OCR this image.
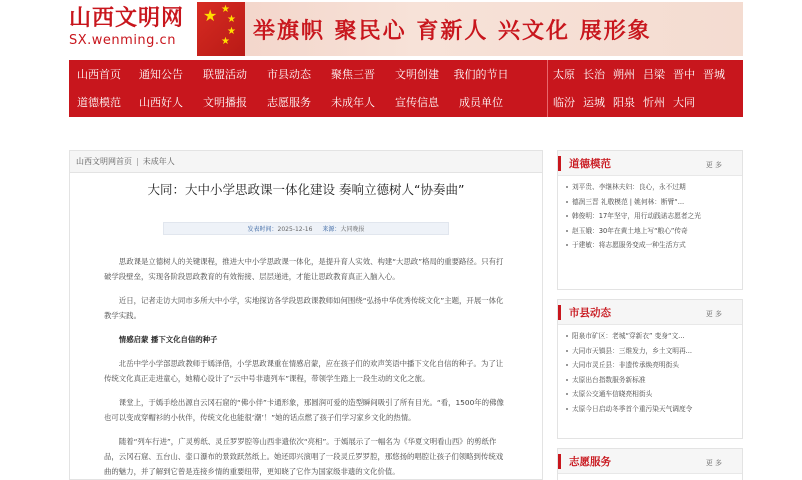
山西文明网
SX.wenming.cn
★ ★
★
★
★ 举旗帜 聚民心 育新人 兴文化 展形象
山西首页	通知公告	联盟活动	市县动态	聚焦三晋	文明创建	我们的节日
道德模范	山西好人	文明播报	志愿服务	未成年人	宣传信息	成员单位
太原 长治 朔州 吕梁 晋中 晋城
临汾 运城 阳泉 忻州 大同
山西文明网首页 | 未成年人
大同：大中小学思政课一体化建设 奏响立德树人“协奏曲”
发表时间：2025-12-16 来源：大同晚报

思政课是立德树人的关键课程，推进大中小学思政课一体化，是提升育人实效、构建“大思政”格局的重要路径。只有打破学段壁垒，实现各阶段思政教育的有效衔接、层层递进，才能让思政教育真正入脑入心。

近日，记者走访大同市多所大中小学，实地探访各学段思政课教师如何围绕“弘扬中华优秀传统文化”主题，开展一体化教学实践。

情感启蒙 播下文化自信的种子

北岳中学小学部思政教师于嫣泽借，小学思政课重在情感启蒙，应在孩子们的欢声笑语中播下文化自信的种子。为了让传统文化真正走进童心，她精心设计了“云中号非遗列车”课程，带领学生踏上一段生动的文化之旅。

课堂上，于嫣手绘出源自云冈石窟的“佛小伴”卡通形象，那圆润可爱的造型瞬间吸引了所有目光。“看，1500年的佛像也可以变成穿帽衫的小伙伴，传统文化也能很‘潮’！”她的话点燃了孩子们学习家乡文化的热情。

随着“列车行进”，广灵剪纸、灵丘罗罗腔等山西非遗依次“亮相”。于嫣展示了一幅名为《华夏文明看山西》的剪纸作品，云冈石窟、五台山、壶口瀑布的景致跃然纸上。她还即兴演唱了一段灵丘罗罗腔，那悠扬的唱腔让孩子们领略到传统戏曲的魅力，并了解到它曾是连接乡情的重要纽带，更知晓了它作为国家级非遗的文化价值。

道德模范	更 多
刘平贵、李继林夫妇：良心，永不过期
德润三晋 礼敬模范 | 姚何林：断臂“...
韩俊明：17年坚守，用行动践诺志愿者之光
赵玉娥：30年在黄土地上写“粮心”传奇
于建敏：将志愿服务变成一种生活方式
市县动态	更 多
阳泉市矿区：老城“穿新衣” 变身“文...
大同市天镇县：三维发力，乡土文明再...
大同市灵丘县：非遗传承焕亮明街头
太原出台指数服务新标准
太原公交通车信晓亮相街头
太原今日启动冬季首个重污染天气调度令
志愿服务	更 多
